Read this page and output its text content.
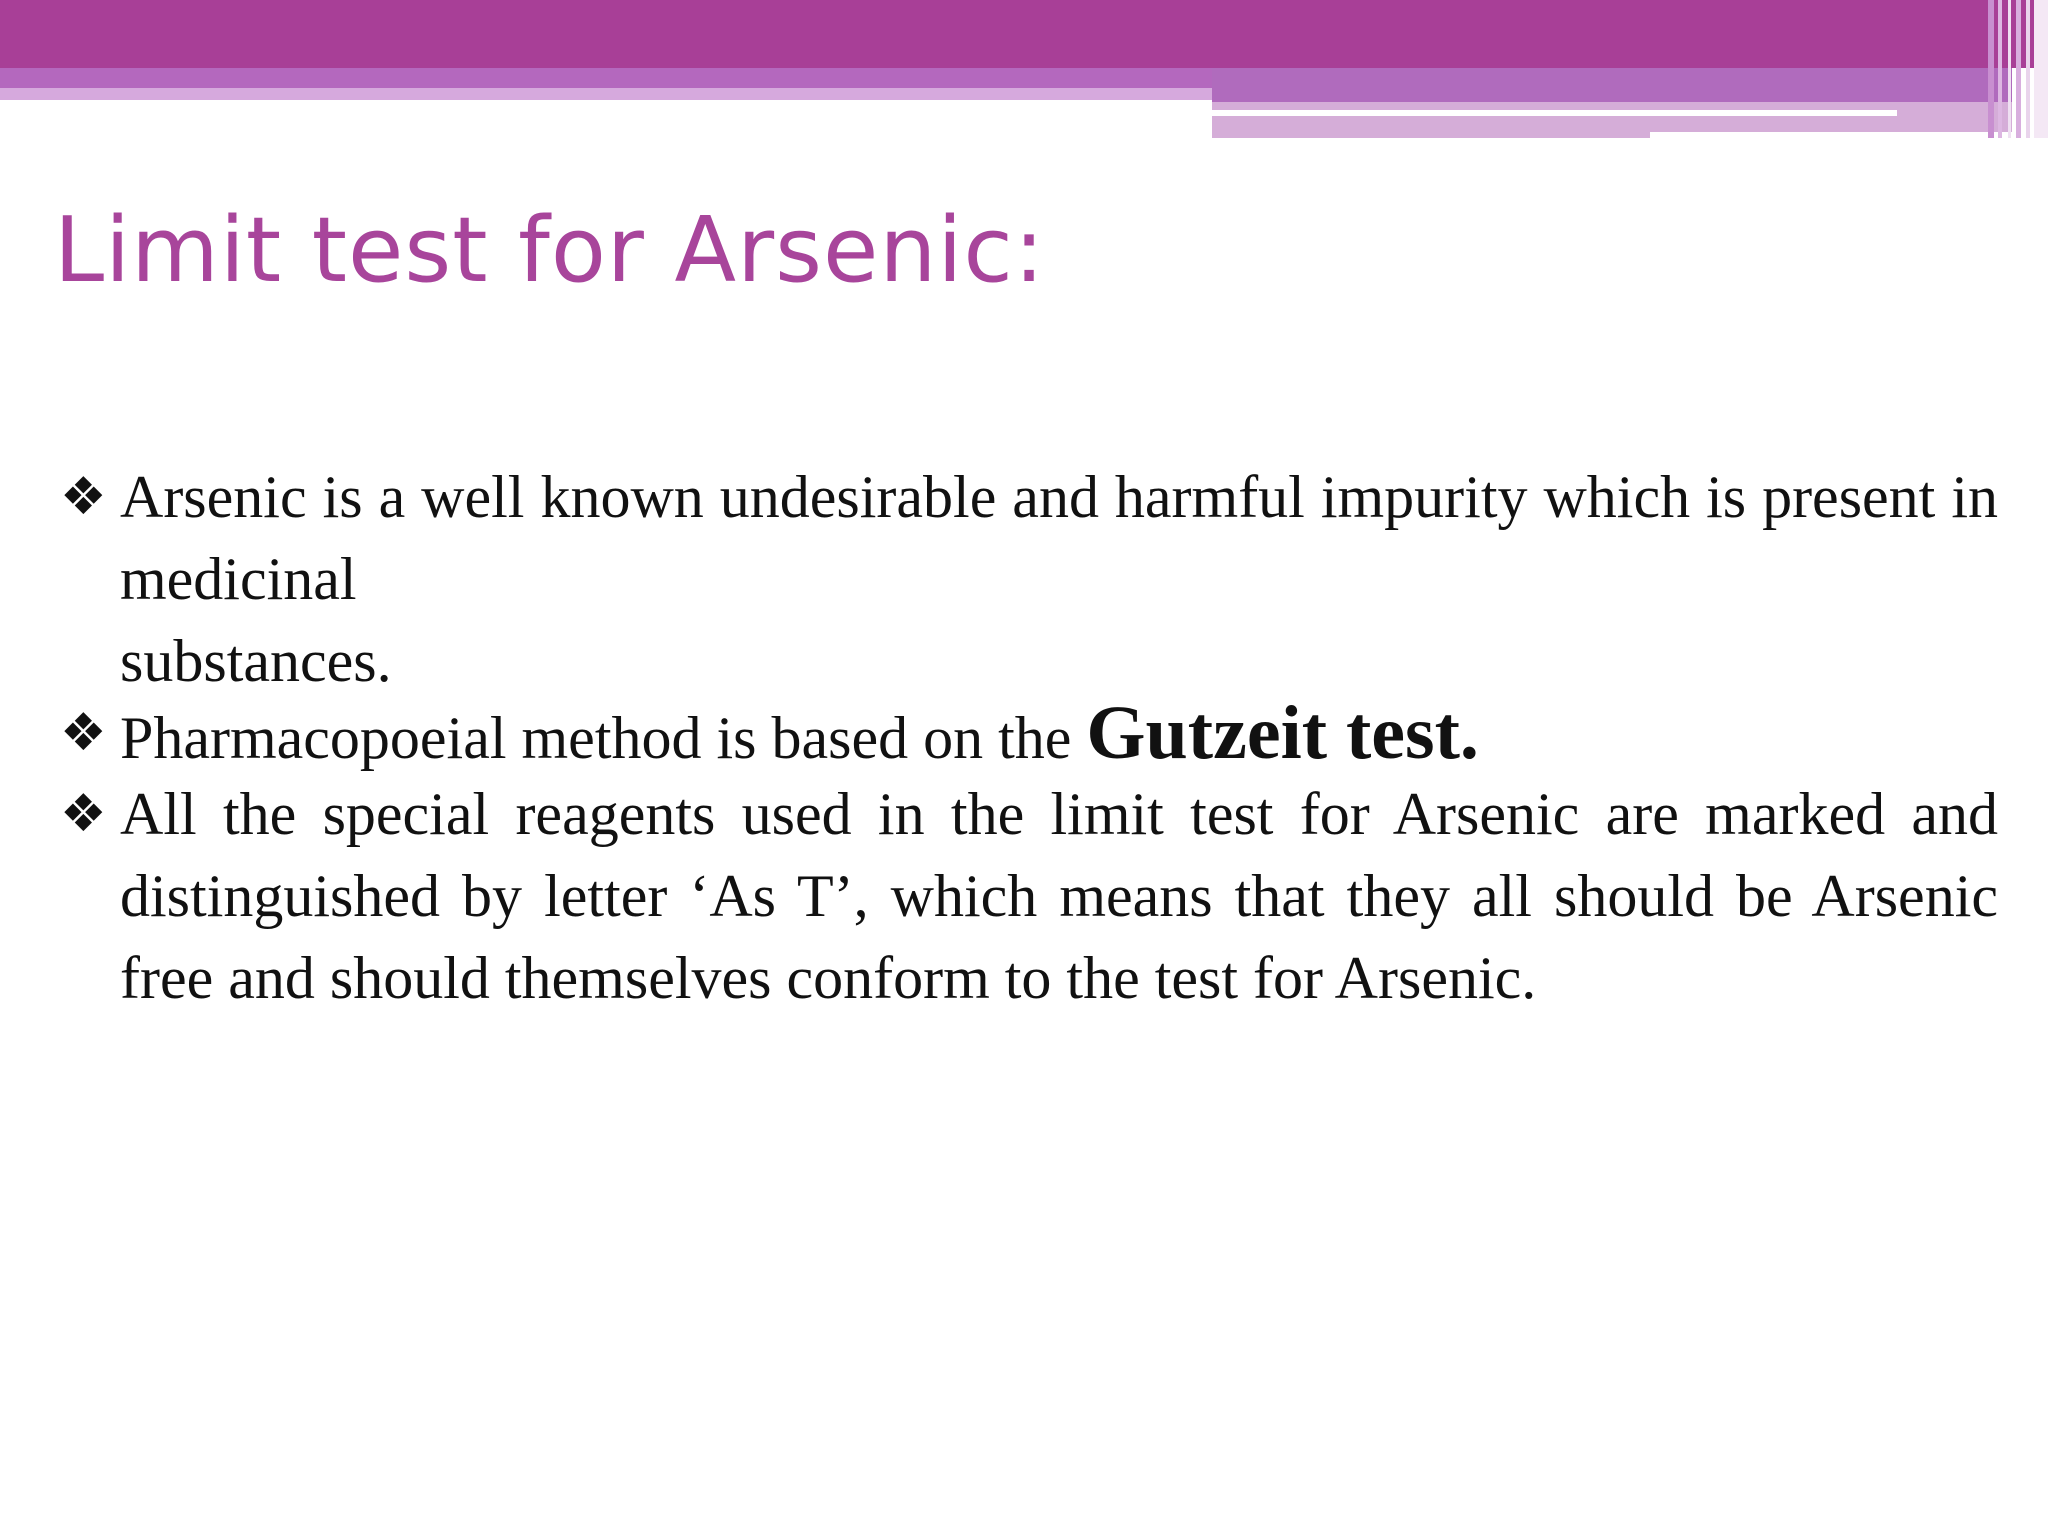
Limit test for Arsenic:
❖ Arsenic is a well known undesirable and harmful impurity which is present in medicinal
substances.
❖ Pharmacopoeial method is based on the Gutzeit test.
❖ All the special reagents used in the limit test for Arsenic are marked and distinguished by letter ‘As T’, which means that they all should be Arsenic free and should themselves conform to the test for Arsenic.
